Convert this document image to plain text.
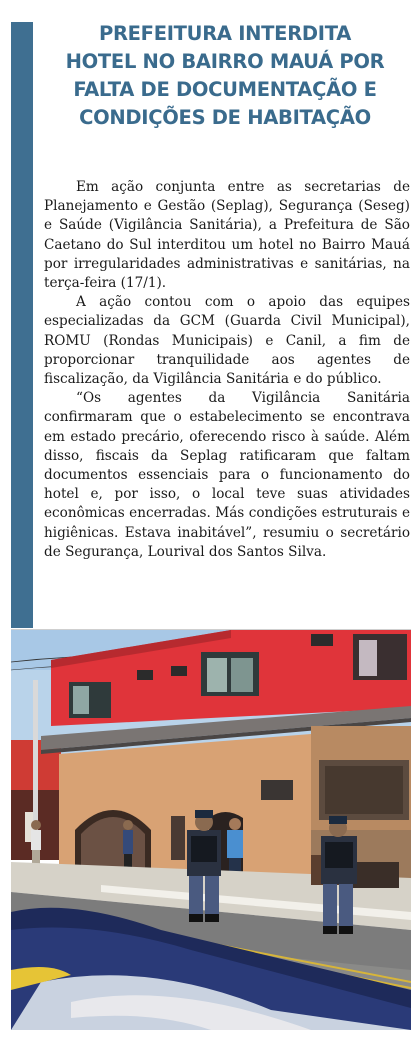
PREFEITURA INTERDITA
HOTEL NO BAIRRO MAUÁ POR
FALTA DE DOCUMENTAÇÃO E
CONDIÇÕES DE HABITAÇÃO

Em ação conjunta entre as secretarias de Planejamento e Gestão (Seplag), Segurança (Seseg) e Saúde (Vigilância Sanitária), a Prefeitura de São Caetano do Sul interditou um hotel no Bairro Mauá por irregularidades administrativas e sanitárias, na terça-feira (17/1).

A ação contou com o apoio das equipes especializadas da GCM (Guarda Civil Municipal), ROMU (Rondas Municipais) e Canil, a fim de proporcionar tranquilidade aos agentes de fiscalização, da Vigilância Sanitária e do público.

“Os agentes da Vigilância Sanitária confirmaram que o estabelecimento se encontrava em estado precário, oferecendo risco à saúde. Além disso, fiscais da Seplag ratificaram que faltam documentos essenciais para o funcionamento do hotel e, por isso, o local teve suas atividades econômicas encerradas. Más condições estruturais e higiênicas. Estava inabitável”, resumiu o secretário de Segurança, Lourival dos Santos Silva.
